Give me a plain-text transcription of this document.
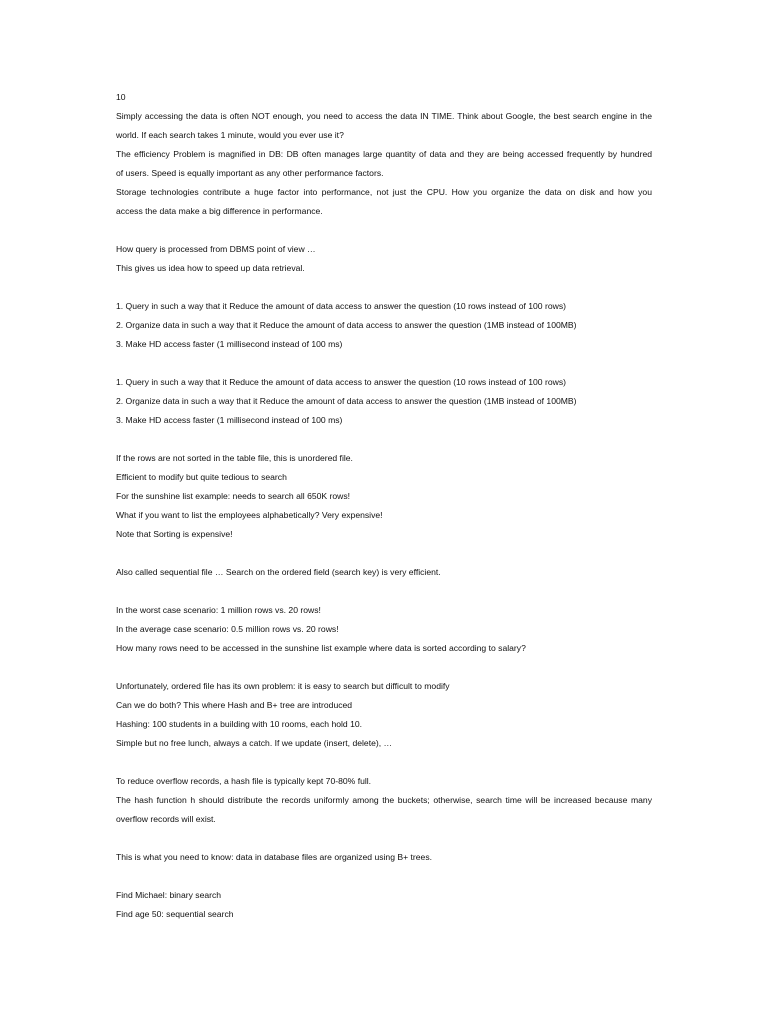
10
Simply accessing the data is often NOT enough, you need to access the data IN TIME. Think about Google, the best search engine in the
world. If each search takes 1 minute, would you ever use it?
The efficiency Problem is magnified in DB: DB often manages large quantity of data and they are being accessed frequently by hundred
of users. Speed is equally important as any other performance factors.
Storage technologies contribute a huge factor into performance, not just the CPU. How you organize the data on disk and how you
access the data make a big difference in performance.
How query is processed from DBMS point of view …
This gives us idea how to speed up data retrieval.
1. Query in such a way that it Reduce the amount of data access to answer the question (10 rows instead of 100 rows)
2. Organize data in such a way that it Reduce the amount of data access to answer the question (1MB instead of 100MB)
3. Make HD access faster (1 millisecond instead of 100 ms)
1. Query in such a way that it Reduce the amount of data access to answer the question (10 rows instead of 100 rows)
2. Organize data in such a way that it Reduce the amount of data access to answer the question (1MB instead of 100MB)
3. Make HD access faster (1 millisecond instead of 100 ms)
If the rows are not sorted in the table file, this is unordered file.
Efficient to modify but quite tedious to search
For the sunshine list example: needs to search all 650K rows!
What if you want to list the employees alphabetically? Very expensive!
Note that Sorting is expensive!
Also called sequential file … Search on the ordered field (search key) is very efficient.
In the worst case scenario: 1 million rows vs. 20 rows!
In the average case scenario: 0.5 million rows vs. 20 rows!
How many rows need to be accessed in the sunshine list example where data is sorted according to salary?
Unfortunately, ordered file has its own problem: it is easy to search but difficult to modify
Can we do both? This where Hash and B+ tree are introduced
Hashing: 100 students in a building with 10 rooms, each hold 10.
Simple but no free lunch, always a catch. If we update (insert, delete), …
To reduce overflow records, a hash file is typically kept 70-80% full.
The hash function h should distribute the records uniformly among the buckets; otherwise, search time will be increased because many
overflow records will exist.
This is what you need to know: data in database files are organized using B+ trees.
Find Michael: binary search
Find age 50: sequential search
